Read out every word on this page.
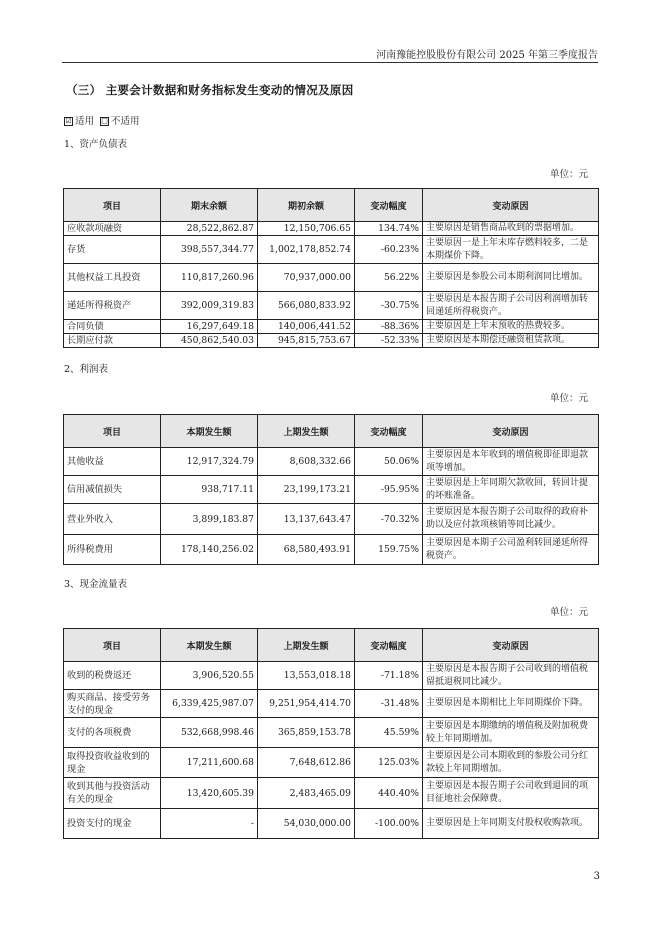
河南豫能控股股份有限公司 2025 年第三季度报告
（三） 主要会计数据和财务指标发生变动的情况及原因
☑ 适用 □ 不适用
1、资产负债表
单位：元
项目	期末余额	期初余额	变动幅度	变动原因
应收款项融资	28,522,862.87	12,150,706.65	134.74%	主要原因是销售商品收到的票据增加。
存货	398,557,344.77	1,002,178,852.74	-60.23%	主要原因一是上年末库存燃料较多，二是本期煤价下降。
其他权益工具投资	110,817,260.96	70,937,000.00	56.22%	主要原因是参股公司本期利润同比增加。
递延所得税资产	392,009,319.83	566,080,833.92	-30.75%	主要原因是本报告期子公司因利润增加转回递延所得税资产。
合同负债	16,297,649.18	140,006,441.52	-88.36%	主要原因是上年末预收的热费较多。
长期应付款	450,862,540.03	945,815,753.67	-52.33%	主要原因是本期偿还融资租赁款项。
2、利润表
单位：元
项目	本期发生额	上期发生额	变动幅度	变动原因
其他收益	12,917,324.79	8,608,332.66	50.06%	主要原因是本年收到的增值税即征即退款项等增加。
信用减值损失	938,717.11	23,199,173.21	-95.95%	主要原因是上年同期欠款收回，转回计提的坏账准备。
营业外收入	3,899,183.87	13,137,643.47	-70.32%	主要原因是本报告期子公司取得的政府补助以及应付款项核销等同比减少。
所得税费用	178,140,256.02	68,580,493.91	159.75%	主要原因是本期子公司盈利转回递延所得税资产。
3、现金流量表
单位：元
项目	本期发生额	上期发生额	变动幅度	变动原因
收到的税费返还	3,906,520.55	13,553,018.18	-71.18%	主要原因是本报告期子公司收到的增值税留抵退税同比减少。
购买商品、接受劳务支付的现金	6,339,425,987.07	9,251,954,414.70	-31.48%	主要原因是本期相比上年同期煤价下降。
支付的各项税费	532,668,998.46	365,859,153.78	45.59%	主要原因是本期缴纳的增值税及附加税费较上年同期增加。
取得投资收益收到的现金	17,211,600.68	7,648,612.86	125.03%	主要原因是公司本期收到的参股公司分红款较上年同期增加。
收到其他与投资活动有关的现金	13,420,605.39	2,483,465.09	440.40%	主要原因是本报告期子公司收到退回的项目征地社会保障费。
投资支付的现金	-	54,030,000.00	-100.00%	主要原因是上年同期支付股权收购款项。
3
